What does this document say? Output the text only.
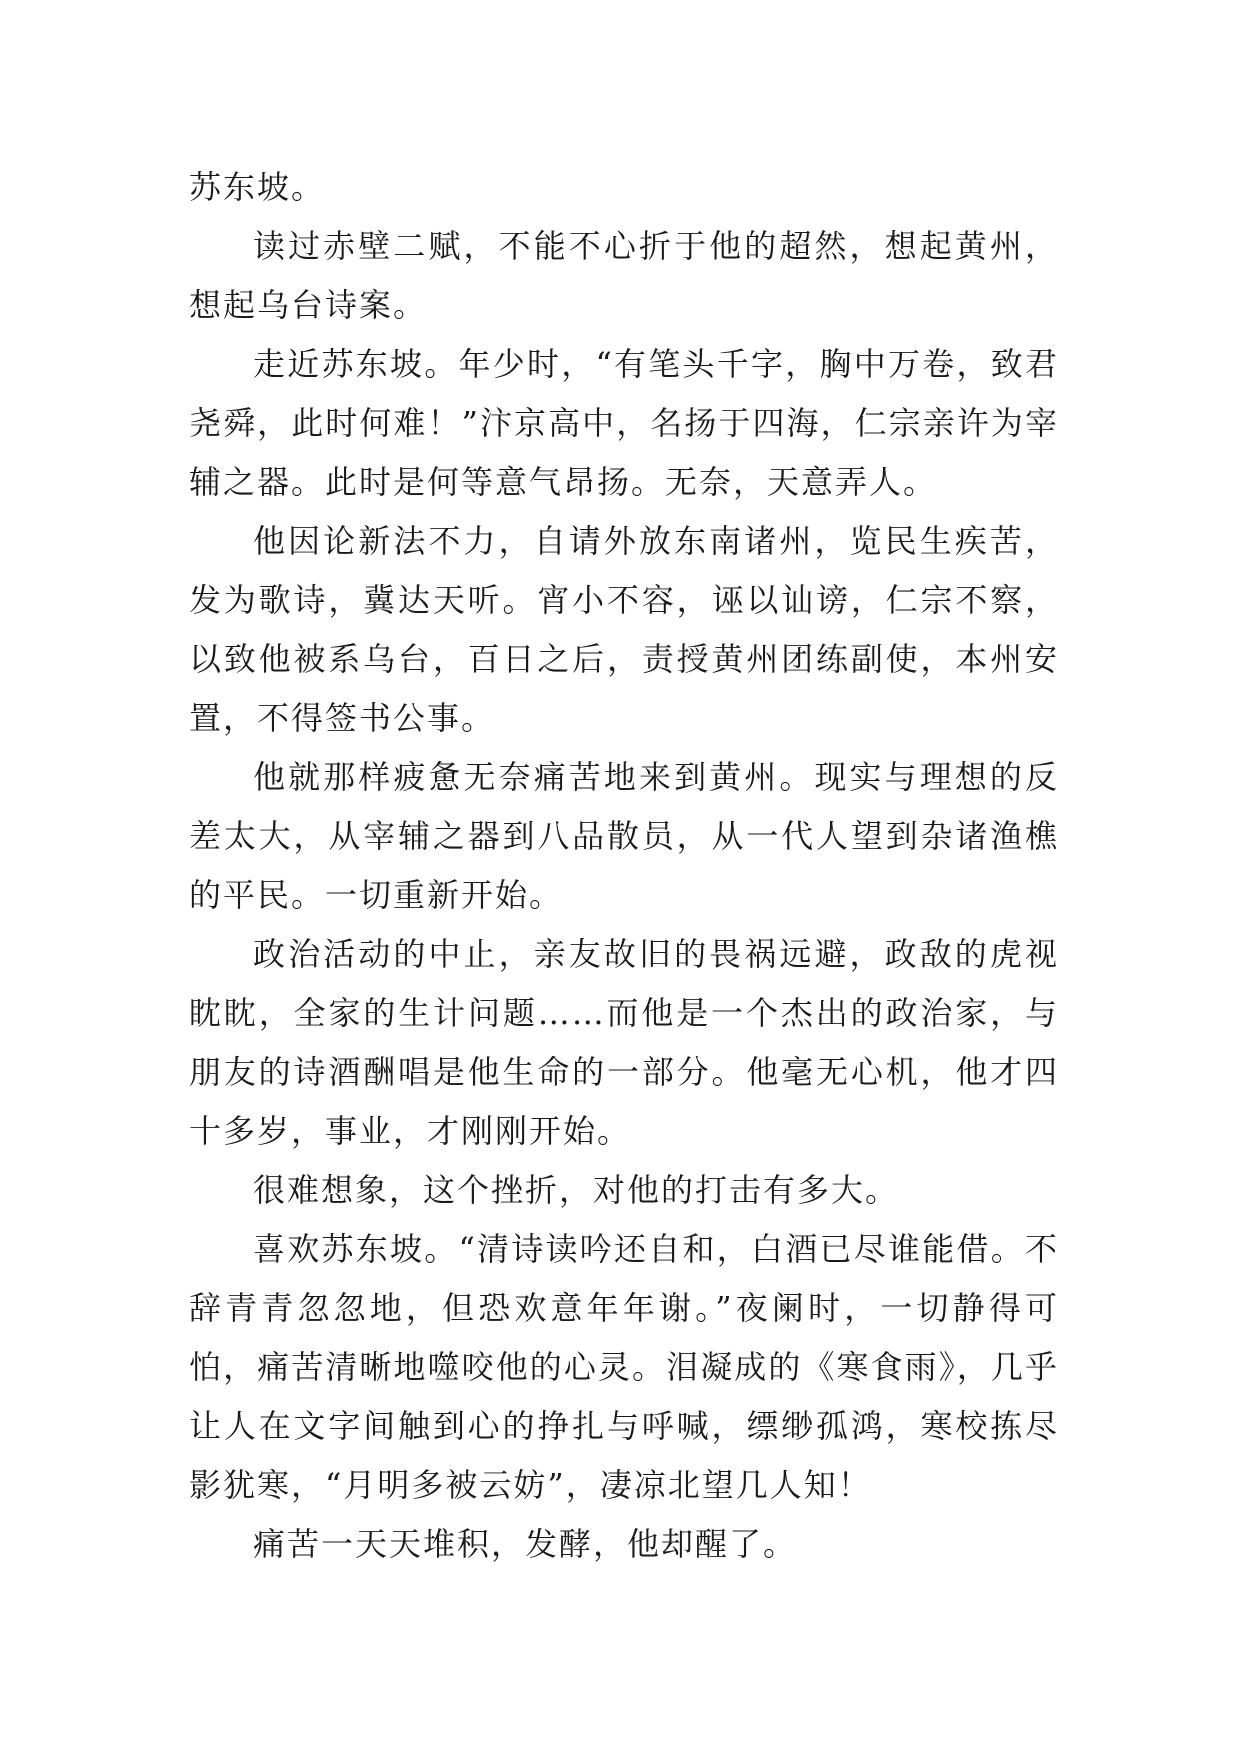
苏东坡。

读过赤壁二赋，不能不心折于他的超然，想起黄州，想起乌台诗案。

走近苏东坡。年少时，“有笔头千字，胸中万卷，致君尧舜，此时何难！”汴京高中，名扬于四海，仁宗亲许为宰辅之器。此时是何等意气昂扬。无奈，天意弄人。

他因论新法不力，自请外放东南诸州，览民生疾苦，发为歌诗，冀达天听。宵小不容，诬以讪谤，仁宗不察，以致他被系乌台，百日之后，责授黄州团练副使，本州安置，不得签书公事。

他就那样疲惫无奈痛苦地来到黄州。现实与理想的反差太大，从宰辅之器到八品散员，从一代人望到杂诸渔樵的平民。一切重新开始。

政治活动的中止，亲友故旧的畏祸远避，政敌的虎视眈眈，全家的生计问题……而他是一个杰出的政治家，与朋友的诗酒酬唱是他生命的一部分。他毫无心机，他才四十多岁，事业，才刚刚开始。

很难想象，这个挫折，对他的打击有多大。

喜欢苏东坡。“清诗读吟还自和，白酒已尽谁能借。不辞青青忽忽地，但恐欢意年年谢。”夜阑时，一切静得可怕，痛苦清晰地噬咬他的心灵。泪凝成的《寒食雨》，几乎让人在文字间触到心的挣扎与呼喊，缥缈孤鸿，寒校拣尽影犹寒，“月明多被云妨”，凄凉北望几人知！

痛苦一天天堆积，发酵，他却醒了。
